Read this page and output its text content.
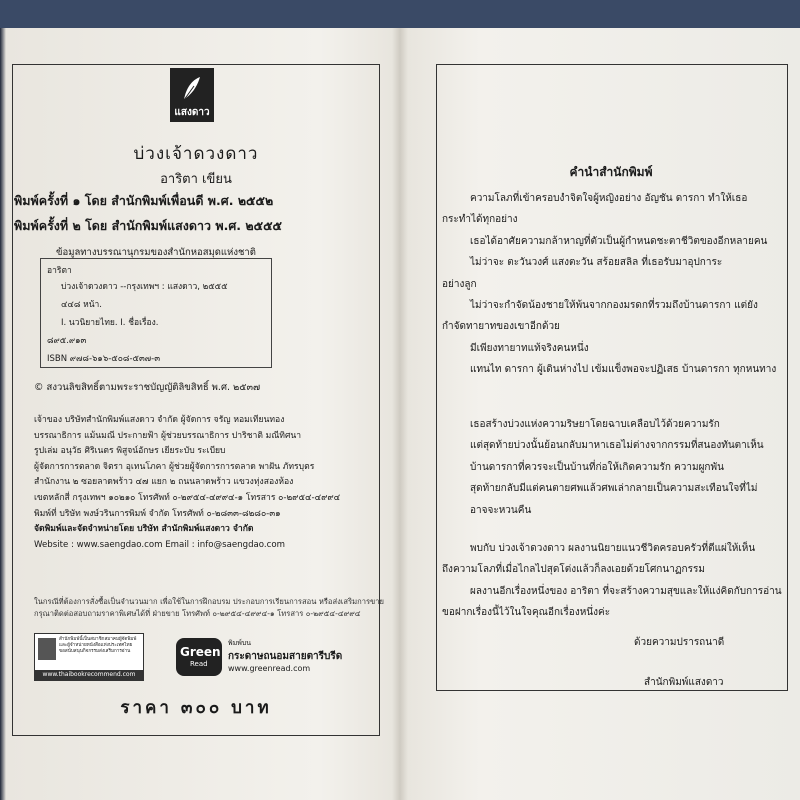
แสงดาว
บ่วงเจ้าดวงดาว
อาริตา เขียน
พิมพ์ครั้งที่ ๑ โดย สำนักพิมพ์เพื่อนดี พ.ศ. ๒๕๕๒
พิมพ์ครั้งที่ ๒ โดย สำนักพิมพ์แสงดาว พ.ศ. ๒๕๕๕
ข้อมูลทางบรรณานุกรมของสำนักหอสมุดแห่งชาติ
อาริตา
บ่วงเจ้าดวงดาว --กรุงเทพฯ : แสงดาว, ๒๕๕๕
๔๔๘ หน้า.
I. นวนิยายไทย. I. ชื่อเรื่อง.
๘๙๕.๙๑๓
ISBN ๙๗๘-๖๑๖-๕๐๘-๕๓๗-๓
© สงวนลิขสิทธิ์ตามพระราชบัญญัติลิขสิทธิ์ พ.ศ. ๒๕๓๗
เจ้าของ บริษัทสำนักพิมพ์แสงดาว จำกัด ผู้จัดการ จรัญ หอมเทียนทอง
บรรณาธิการ แม้นมณี ประกายฟ้า ผู้ช่วยบรรณาธิการ ปาริชาติ มณีทิศนา
รูปเล่ม อนุวัธ ศิริเนตร พิสูจน์อักษร เยียระบับ ระเบียบ
ผู้จัดการการตลาด จิตรา อุเทนโภคา ผู้ช่วยผู้จัดการการตลาด พาฝัน ภัทรบุตร
สำนักงาน ๒ ซอยลาดพร้าว ๔๗ แยก ๒ ถนนลาดพร้าว แขวงทุ่งสองห้อง
เขตหลักสี่ กรุงเทพฯ ๑๐๒๑๐ โทรศัพท์ ๐-๒๙๕๔-๔๙๙๔-๑ โทรสาร ๐-๒๙๕๔-๔๙๙๔
พิมพ์ที่ บริษัท พงษ์วรินการพิมพ์ จำกัด โทรศัพท์ ๐-๒๘๓๓-๘๒๘๐-๓๑
จัดพิมพ์และจัดจำหน่ายโดย บริษัท สำนักพิมพ์แสงดาว จำกัด
Website : www.saengdao.com Email : info@saengdao.com
ในกรณีที่ต้องการสั่งซื้อเป็นจำนวนมาก เพื่อใช้ในการฝึกอบรม ประกอบการเรียนการสอน หรือส่งเสริมการขาย
กรุณาติดต่อสอบถามราคาพิเศษได้ที่ ฝ่ายขาย โทรศัพท์ ๐-๒๙๕๔-๔๙๙๔-๑ โทรสาร ๐-๒๙๕๔-๔๙๙๔
สำนักพิมพ์นี้เป็นสมาชิกสมาคมผู้จัดพิมพ์
และผู้จำหน่ายหนังสือแห่งประเทศไทย
ขอสนับสนุนกิจกรรมส่งเสริมการอ่าน
www.thaibookrecommend.com
Green
Read
พิมพ์บน
กระดาษถนอมสายตารีบรีด
www.greenread.com
ราคา ๓๐๐ บาท
คำนำสำนักพิมพ์
ความโลภที่เข้าครอบงำจิตใจผู้หญิงอย่าง อัญชัน ดารกา ทำให้เธอ
กระทำได้ทุกอย่าง
เธอได้อาศัยความกล้าหาญที่ตัวเป็นผู้กำหนดชะตาชีวิตของอีกหลายคน
ไม่ว่าจะ ตะวันวงศ์ แสงตะวัน สร้อยสลิล ที่เธอรับมาอุปการะ
อย่างลูก
ไม่ว่าจะกำจัดน้องชายให้พ้นจากกองมรดกที่รวมถึงบ้านดารกา แต่ยัง
กำจัดทายาทของเขาอีกด้วย
มีเพียงทายาทแท้จริงคนหนึ่ง
แทนไท ดารกา ผู้เดินห่างไป เข้มแข็งพอจะปฏิเสธ บ้านดารกา ทุกหนทาง
เธอสร้างบ่วงแห่งความริษยาโดยฉาบเคลือบไว้ด้วยความรัก
แต่สุดท้ายบ่วงนั้นย้อนกลับมาหาเธอไม่ต่างจากกรรมที่สนองทันตาเห็น
บ้านดารกาที่ควรจะเป็นบ้านที่ก่อให้เกิดความรัก ความผูกพัน
สุดท้ายกลับมีแต่คนตายศพแล้วศพเล่ากลายเป็นความสะเทือนใจที่ไม่
อาจจะหวนคืน
พบกับ บ่วงเจ้าดวงดาว ผลงานนิยายแนวชีวิตครอบครัวที่ตีแผ่ให้เห็น
ถึงความโลภที่เมื่อไกลไปสุดโต่งแล้วก็ลงเอยด้วยโศกนาฏกรรม
ผลงานอีกเรื่องหนึ่งของ อาริตา ที่จะสร้างความสุขและให้แง่คิดกับการอ่าน
ขอฝากเรื่องนี้ไว้ในใจคุณอีกเรื่องหนึ่งค่ะ
ด้วยความปรารถนาดี
สำนักพิมพ์แสงดาว
